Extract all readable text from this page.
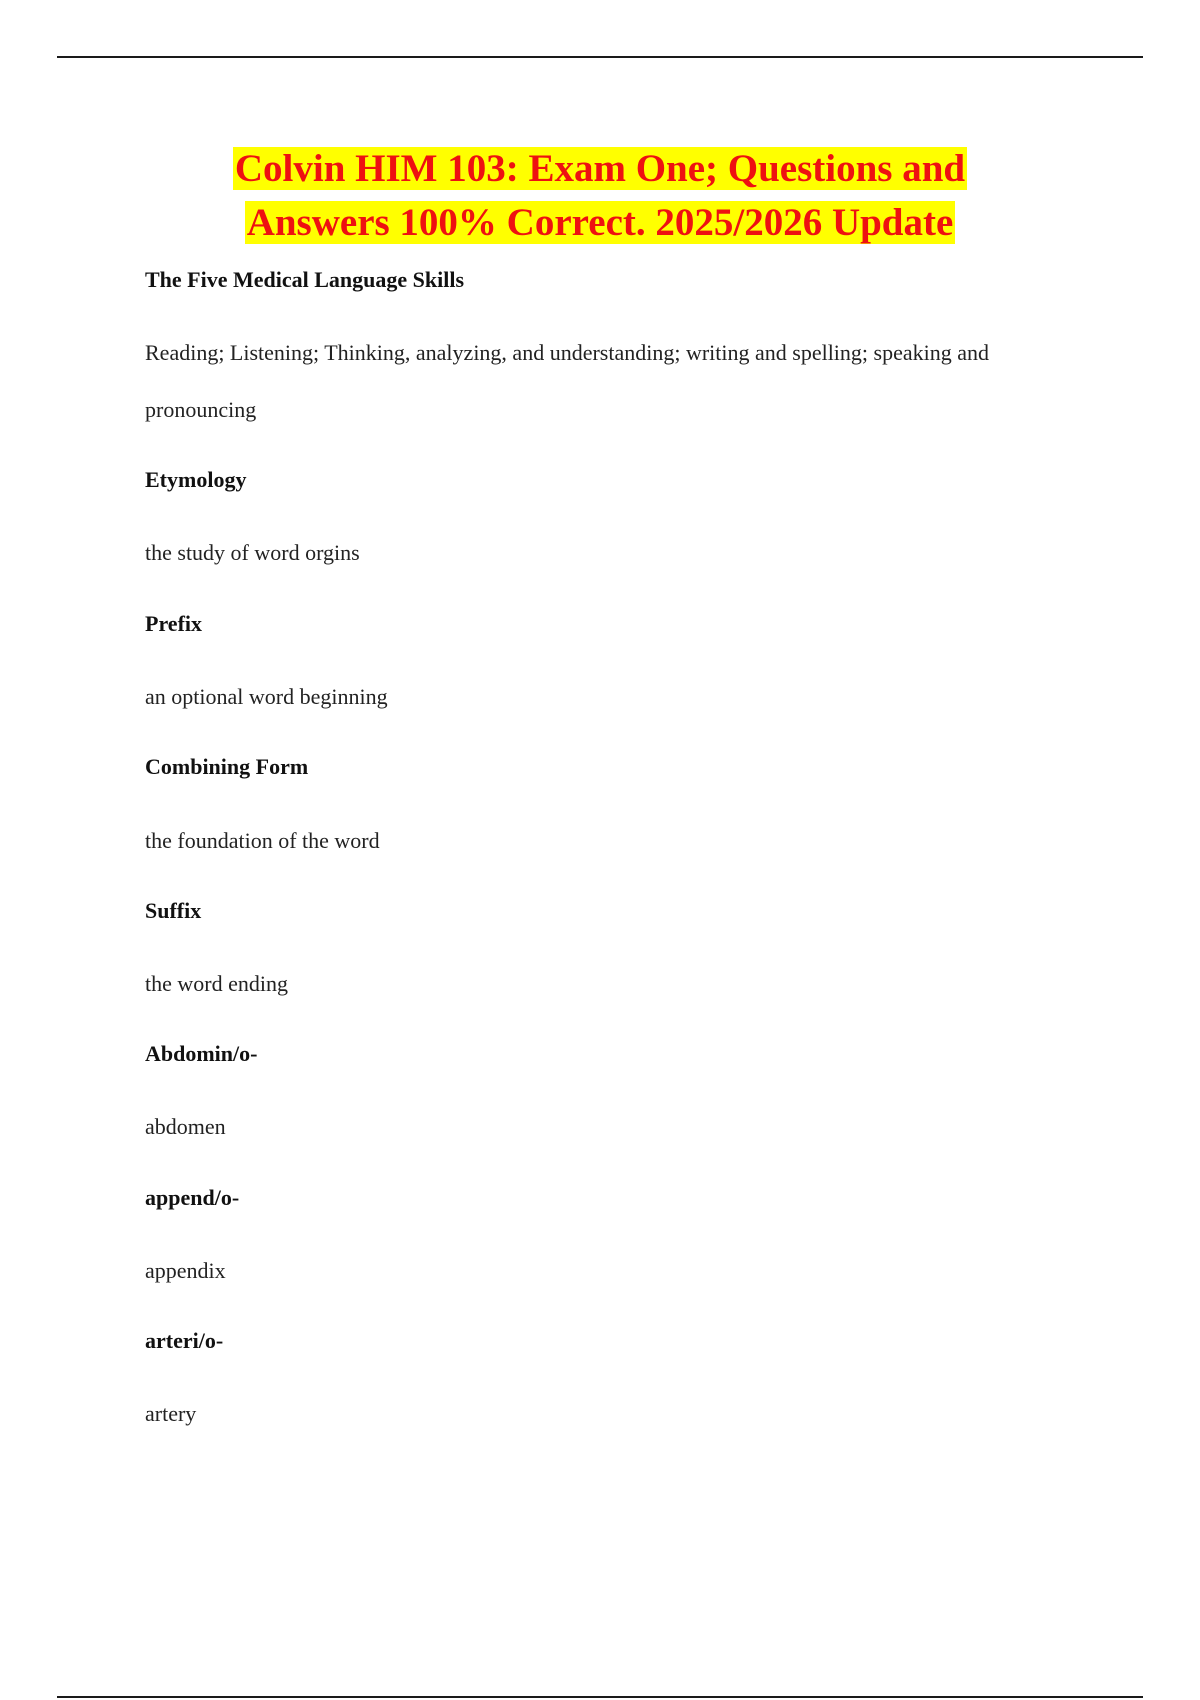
Colvin HIM 103: Exam One; Questions and
Answers 100% Correct. 2025/2026 Update

The Five Medical Language Skills

Reading; Listening; Thinking, analyzing, and understanding; writing and spelling; speaking and pronouncing

Etymology

the study of word orgins

Prefix

an optional word beginning

Combining Form

the foundation of the word

Suffix

the word ending

Abdomin/o-

abdomen

append/o-

appendix

arteri/o-

artery
